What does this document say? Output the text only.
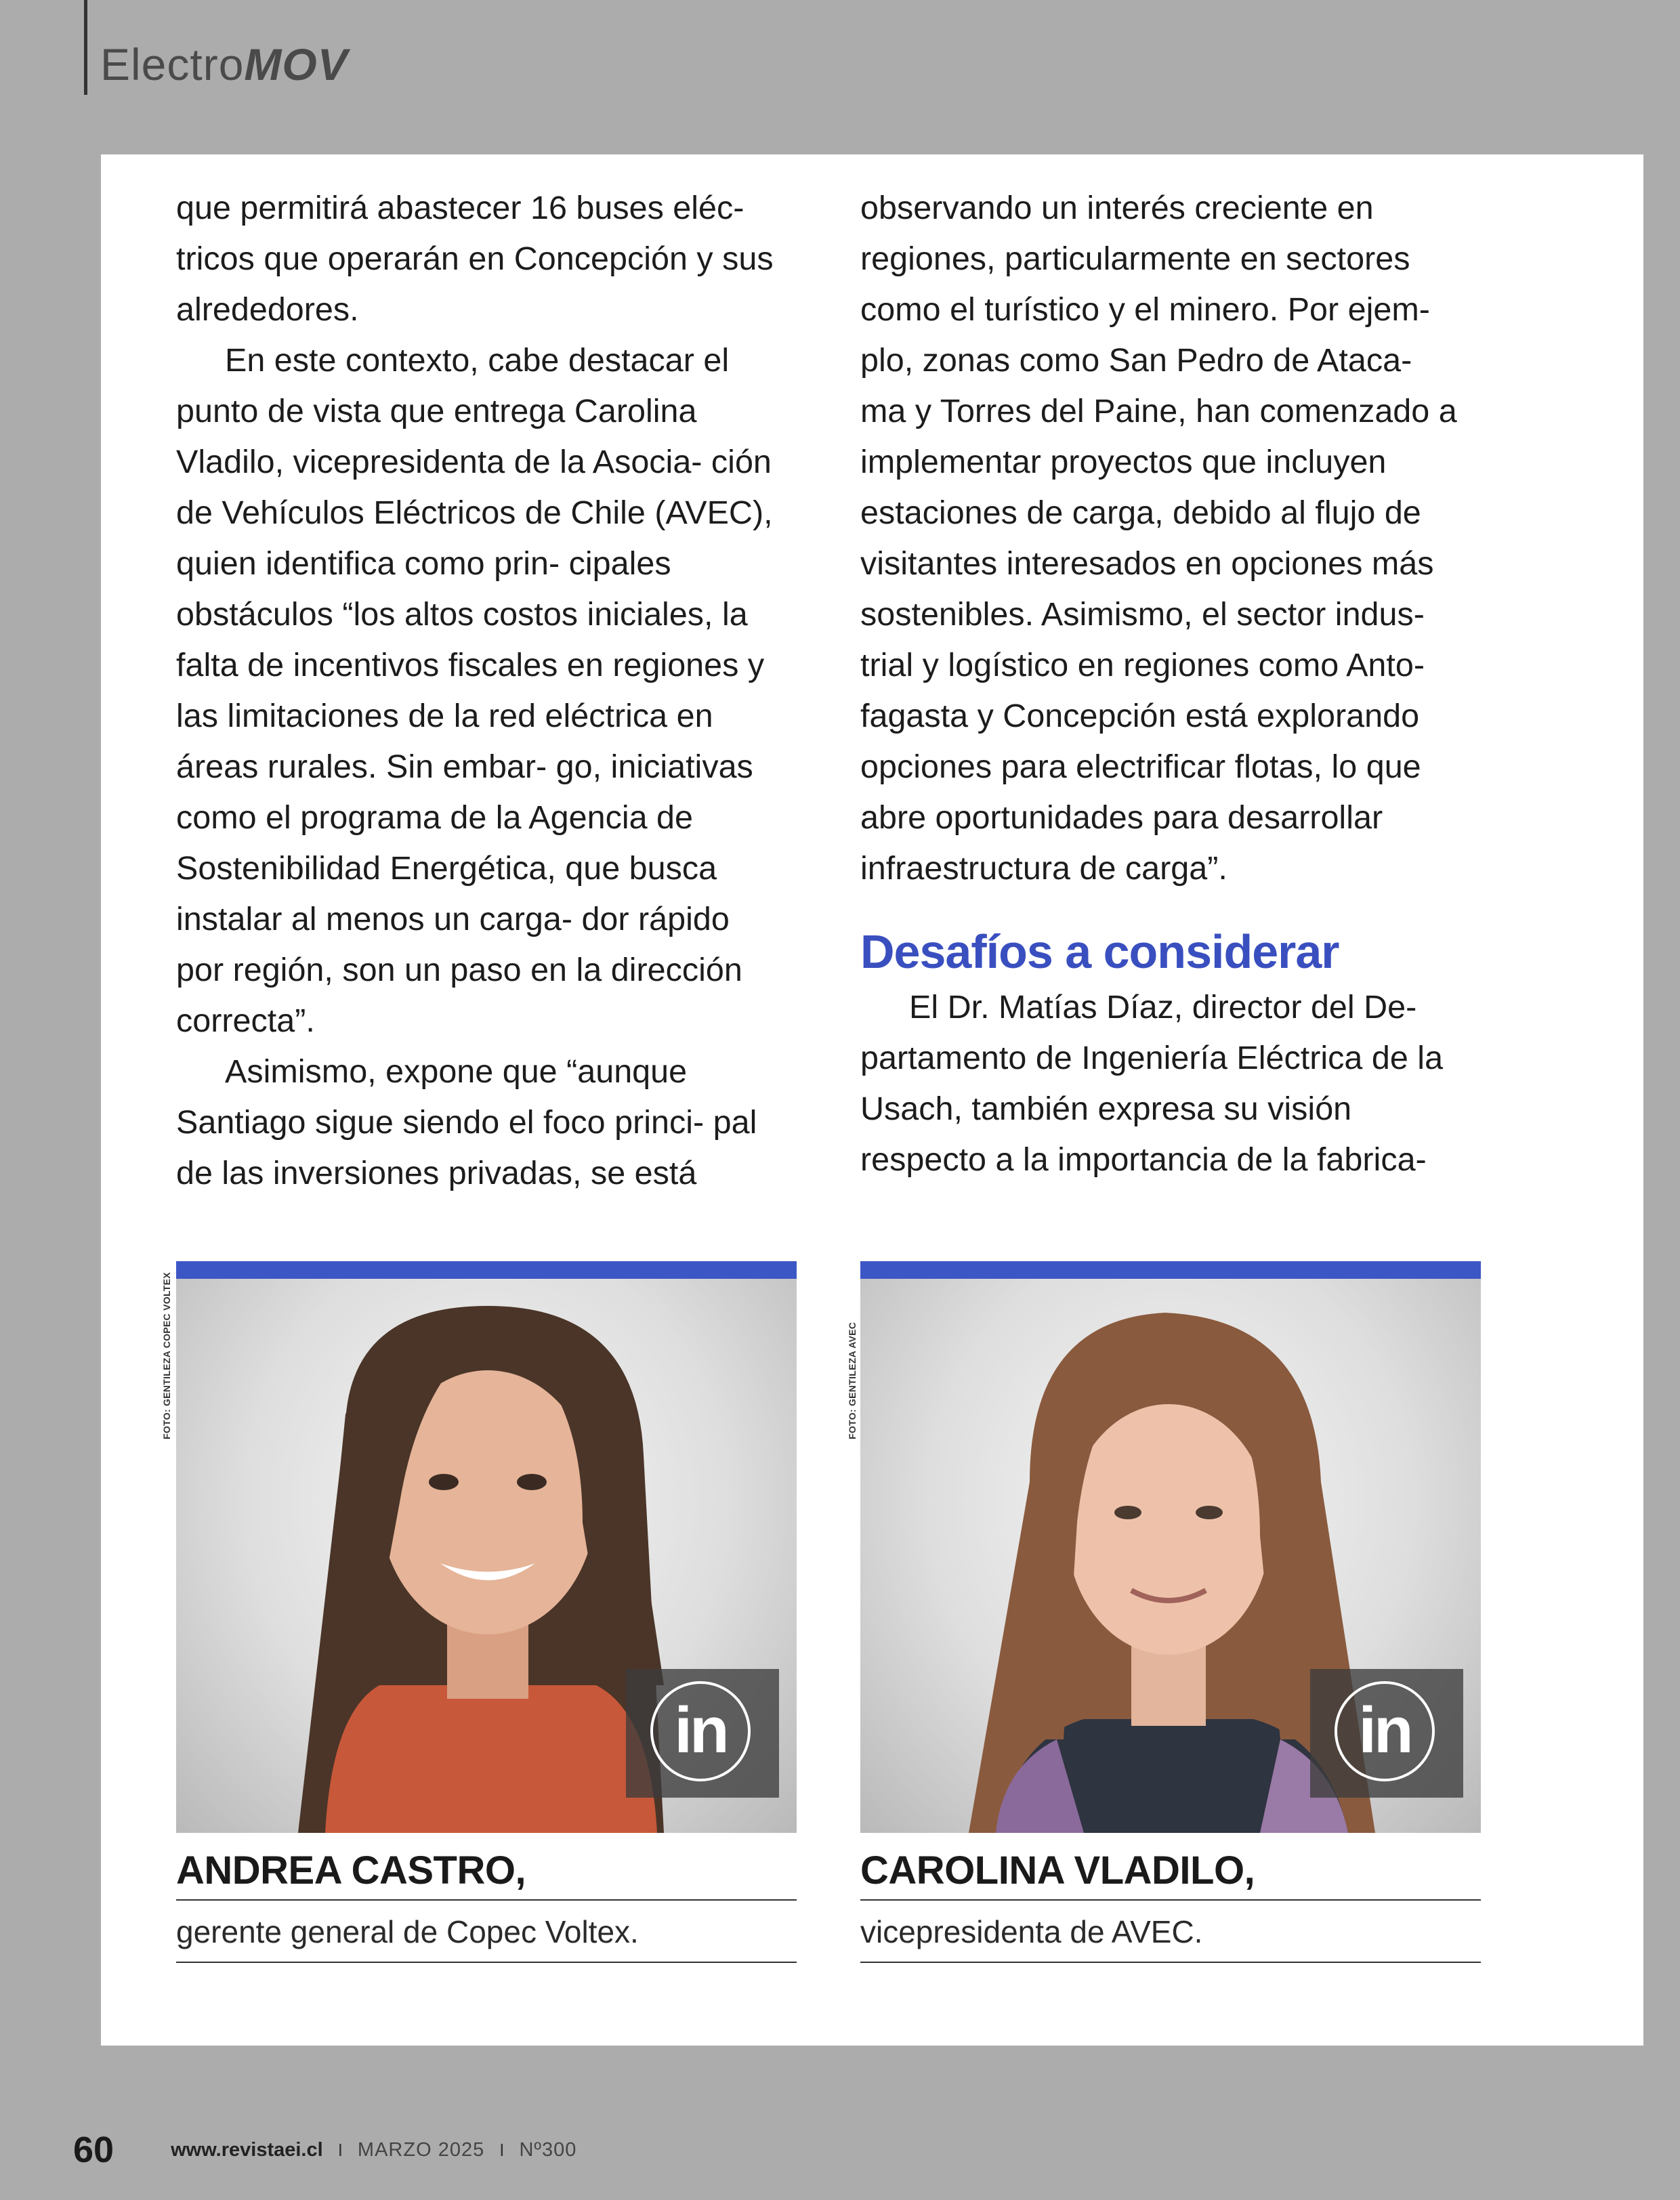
ElectroMOV

que permitirá abastecer 16 buses eléc- tricos que operarán en Concepción y sus alrededores.

En este contexto, cabe destacar el punto de vista que entrega Carolina Vladilo, vicepresidenta de la Asocia- ción de Vehículos Eléctricos de Chile (AVEC), quien identifica como prin- cipales obstáculos “los altos costos iniciales, la falta de incentivos fiscales en regiones y las limitaciones de la red eléctrica en áreas rurales. Sin embar- go, iniciativas como el programa de la Agencia de Sostenibilidad Energética, que busca instalar al menos un carga- dor rápido por región, son un paso en la dirección correcta”.

Asimismo, expone que “aunque Santiago sigue siendo el foco princi- pal de las inversiones privadas, se está

observando un interés creciente en regiones, particularmente en sectores como el turístico y el minero. Por ejem- plo, zonas como San Pedro de Ataca- ma y Torres del Paine, han comenzado a implementar proyectos que incluyen estaciones de carga, debido al flujo de visitantes interesados en opciones más sostenibles. Asimismo, el sector indus- trial y logístico en regiones como Anto- fagasta y Concepción está explorando opciones para electrificar flotas, lo que abre oportunidades para desarrollar infraestructura de carga”.

Desafíos a considerar

El Dr. Matías Díaz, director del De- partamento de Ingeniería Eléctrica de la Usach, también expresa su visión respecto a la importancia de la fabrica-

FOTO: GENTILEZA COPEC VOLTEX	FOTO: GENTILEZA AVEC
in
ANDREA CASTRO,
gerente general de Copec Voltex.
in
CAROLINA VLADILO,
vicepresidenta de AVEC.
60	www.revistaei.cl I MARZO 2025 I Nº300
